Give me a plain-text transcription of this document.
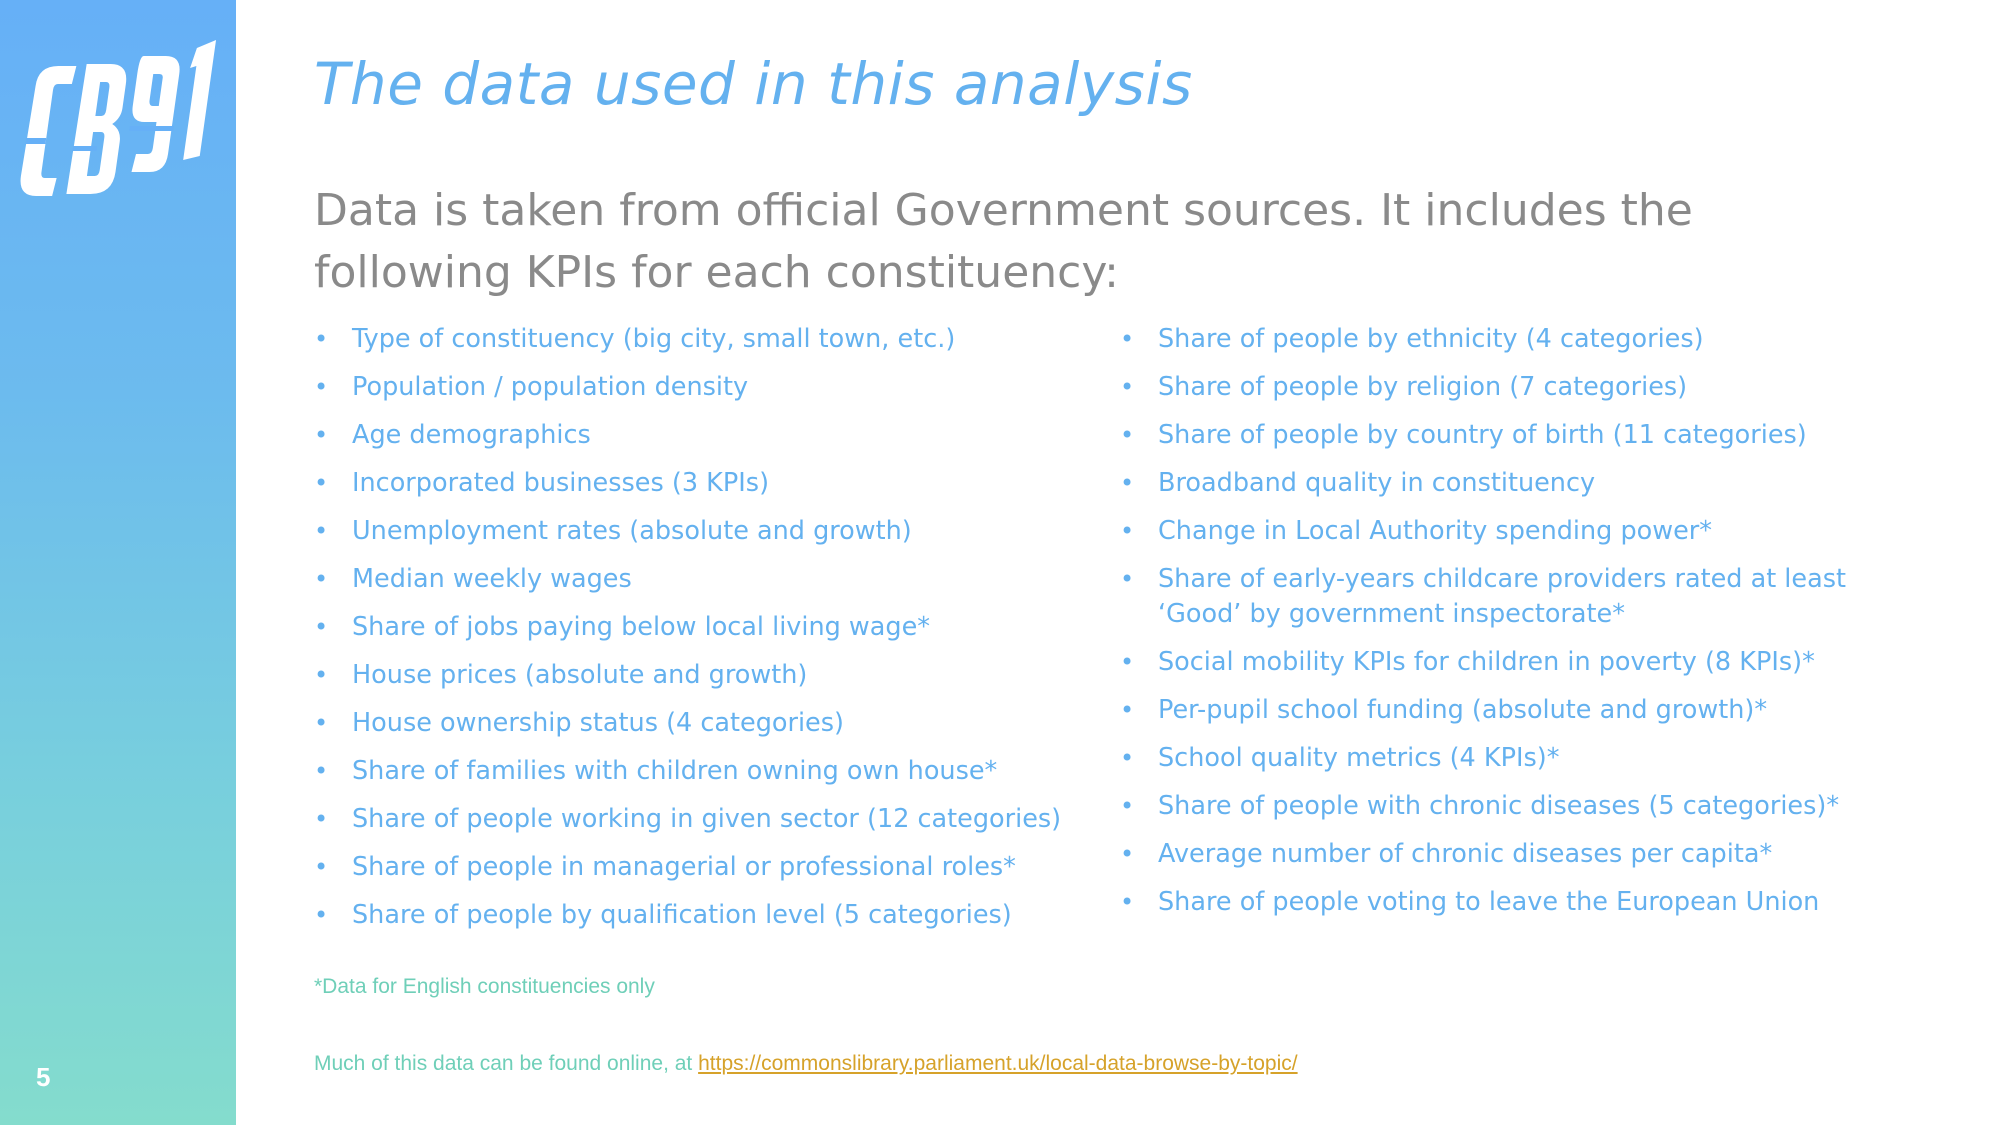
5
The data used in this analysis

Data is taken from official Government sources. It includes the following KPIs for each constituency:

• Type of constituency (big city, small town, etc.)
• Population / population density
• Age demographics
• Incorporated businesses (3 KPIs)
• Unemployment rates (absolute and growth)
• Median weekly wages
• Share of jobs paying below local living wage*
• House prices (absolute and growth)
• House ownership status (4 categories)
• Share of families with children owning own house*
• Share of people working in given sector (12 categories)
• Share of people in managerial or professional roles*
• Share of people by qualification level (5 categories)
• Share of people by ethnicity (4 categories)
• Share of people by religion (7 categories)
• Share of people by country of birth (11 categories)
• Broadband quality in constituency
• Change in Local Authority spending power*
• Share of early-years childcare providers rated at least ‘Good’ by government inspectorate*
• Social mobility KPIs for children in poverty (8 KPIs)*
• Per-pupil school funding (absolute and growth)*
• School quality metrics (4 KPIs)*
• Share of people with chronic diseases (5 categories)*
• Average number of chronic diseases per capita*
• Share of people voting to leave the European Union

*Data for English constituencies only

Much of this data can be found online, at https://commonslibrary.parliament.uk/local-data-browse-by-topic/
